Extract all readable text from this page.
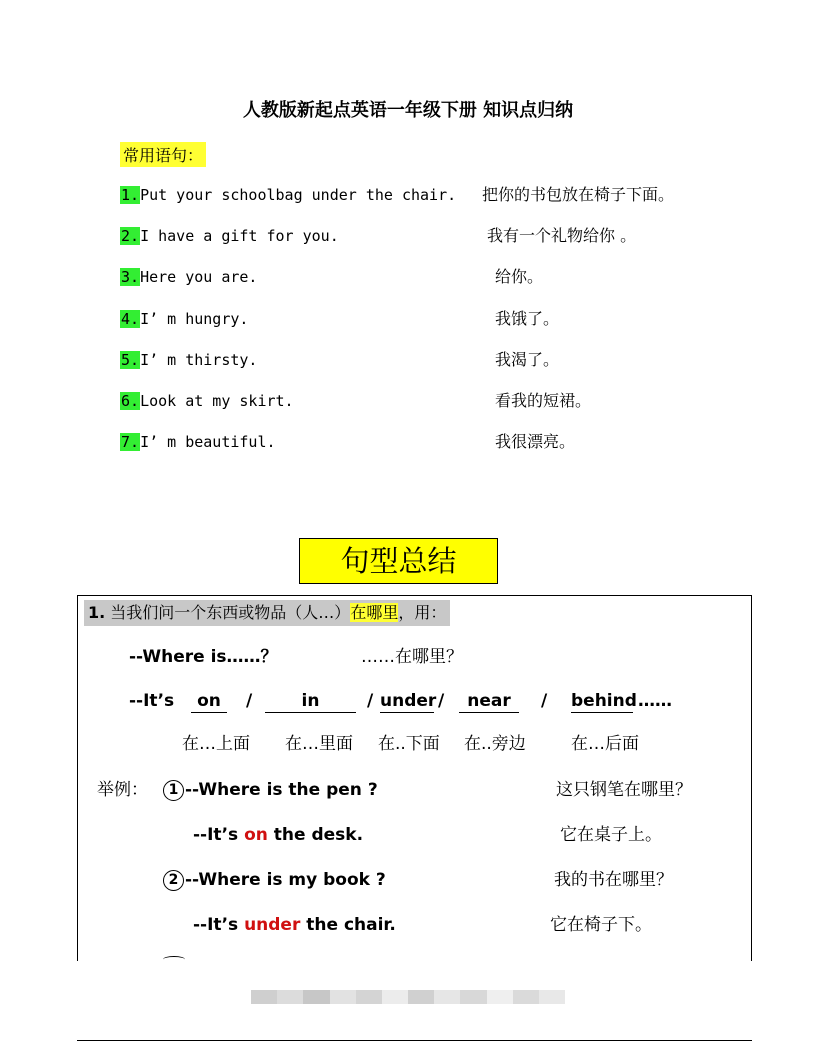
人教版新起点英语一年级下册 知识点归纳
常用语句：
1.Put your schoolbag under the chair. 把你的书包放在椅子下面。
2.I have a gift for you.	我有一个礼物给你 。
3.Here you are.	给你。
4.I’ m hungry.	我饿了。
5.I’ m thirsty.	我渴了。
6.Look at my skirt.	看我的短裙。
7.I’ m beautiful.	我很漂亮。
句型总结
1. 当我们问一个东西或物品（人…）在哪里，用：
--Where is……？	……在哪里？
--It’s	on	/	in	/ under /	near	/ behind ……
在…上面 在…里面 在..下面 在..旁边	在…后面
举例：	1 --Where is the pen ?	这只钢笔在哪里？
--It’s on the desk.	它在桌子上。
2 --Where is my book ?	我的书在哪里？
--It’s under the chair.	它在椅子下。
